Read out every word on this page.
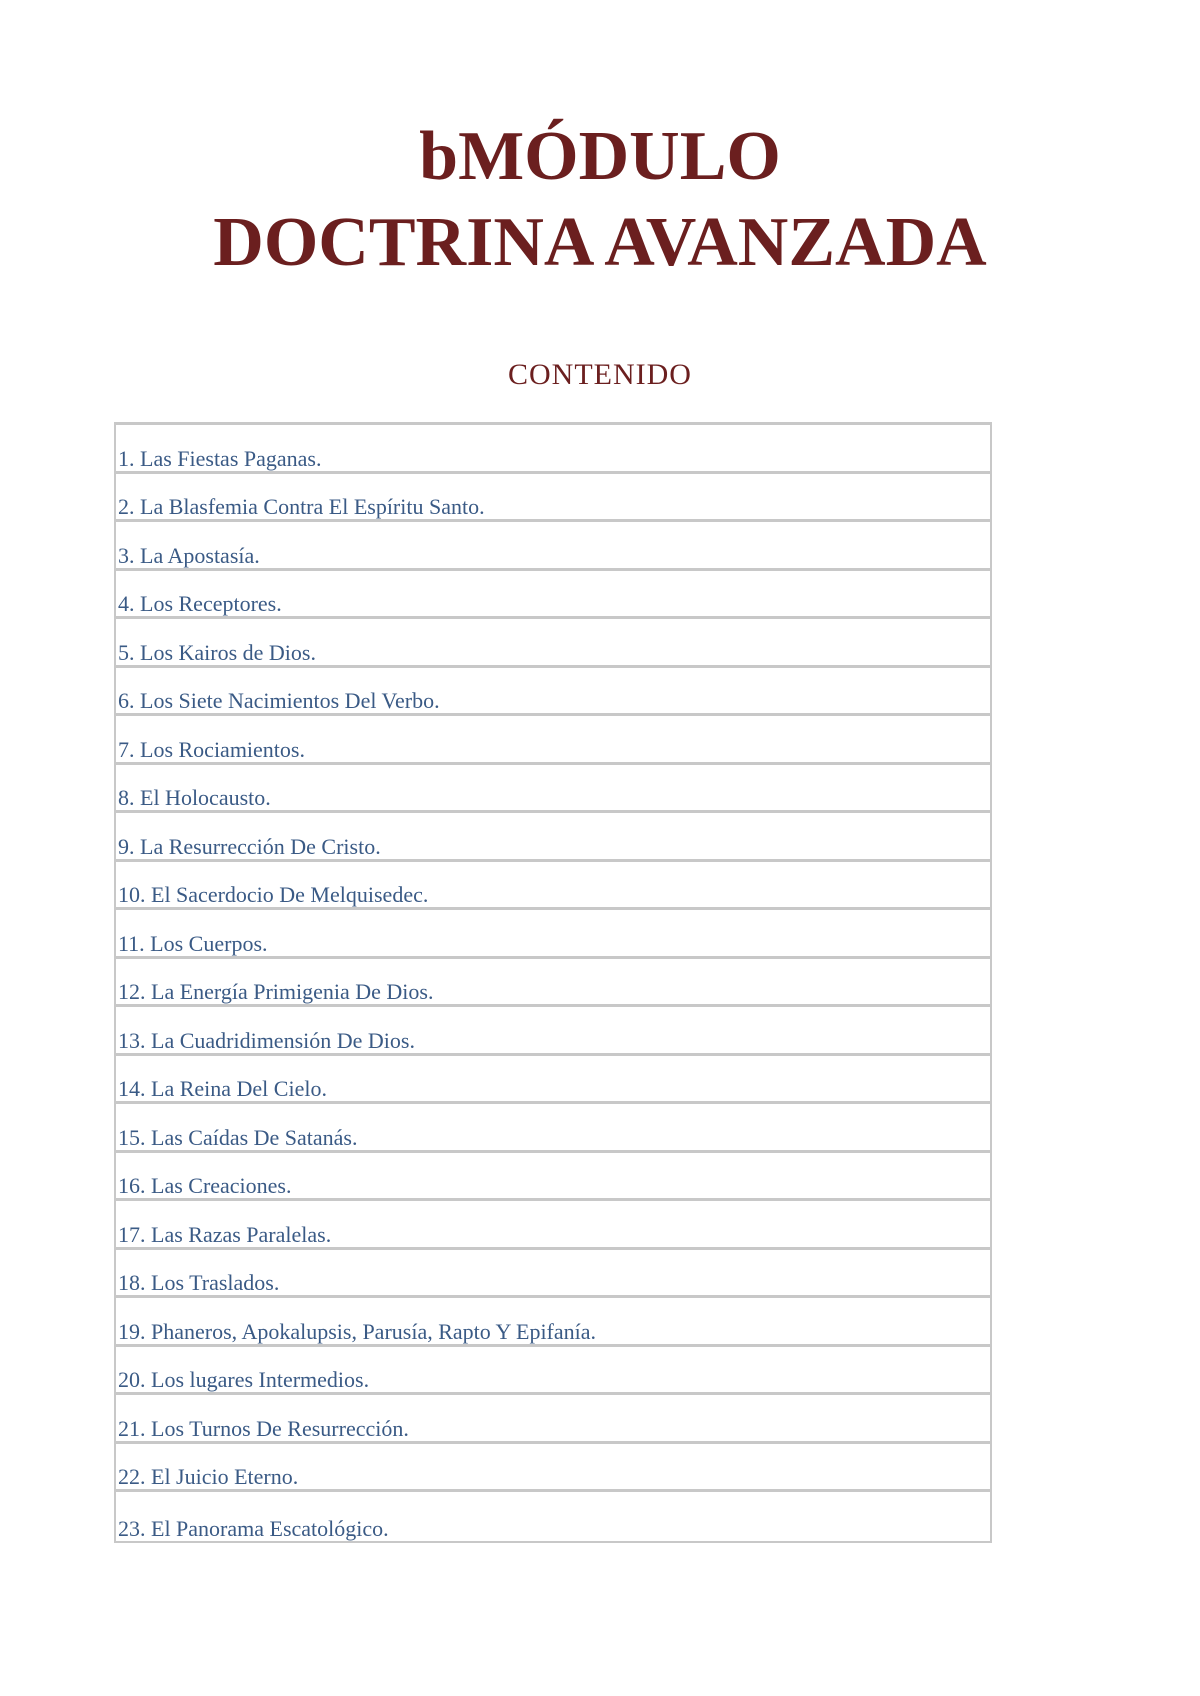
bMÓDULO
DOCTRINA AVANZADA
CONTENIDO
1. Las Fiestas Paganas.
2. La Blasfemia Contra El Espíritu Santo.
3. La Apostasía.
4. Los Receptores.
5. Los Kairos de Dios.
6. Los Siete Nacimientos Del Verbo.
7. Los Rociamientos.
8. El Holocausto.
9. La Resurrección De Cristo.
10. El Sacerdocio De Melquisedec.
11. Los Cuerpos.
12. La Energía Primigenia De Dios.
13. La Cuadridimensión De Dios.
14. La Reina Del Cielo.
15. Las Caídas De Satanás.
16. Las Creaciones.
17. Las Razas Paralelas.
18. Los Traslados.
19. Phaneros, Apokalupsis, Parusía, Rapto Y Epifanía.
20. Los lugares Intermedios.
21. Los Turnos De Resurrección.
22. El Juicio Eterno.
23. El Panorama Escatológico.
